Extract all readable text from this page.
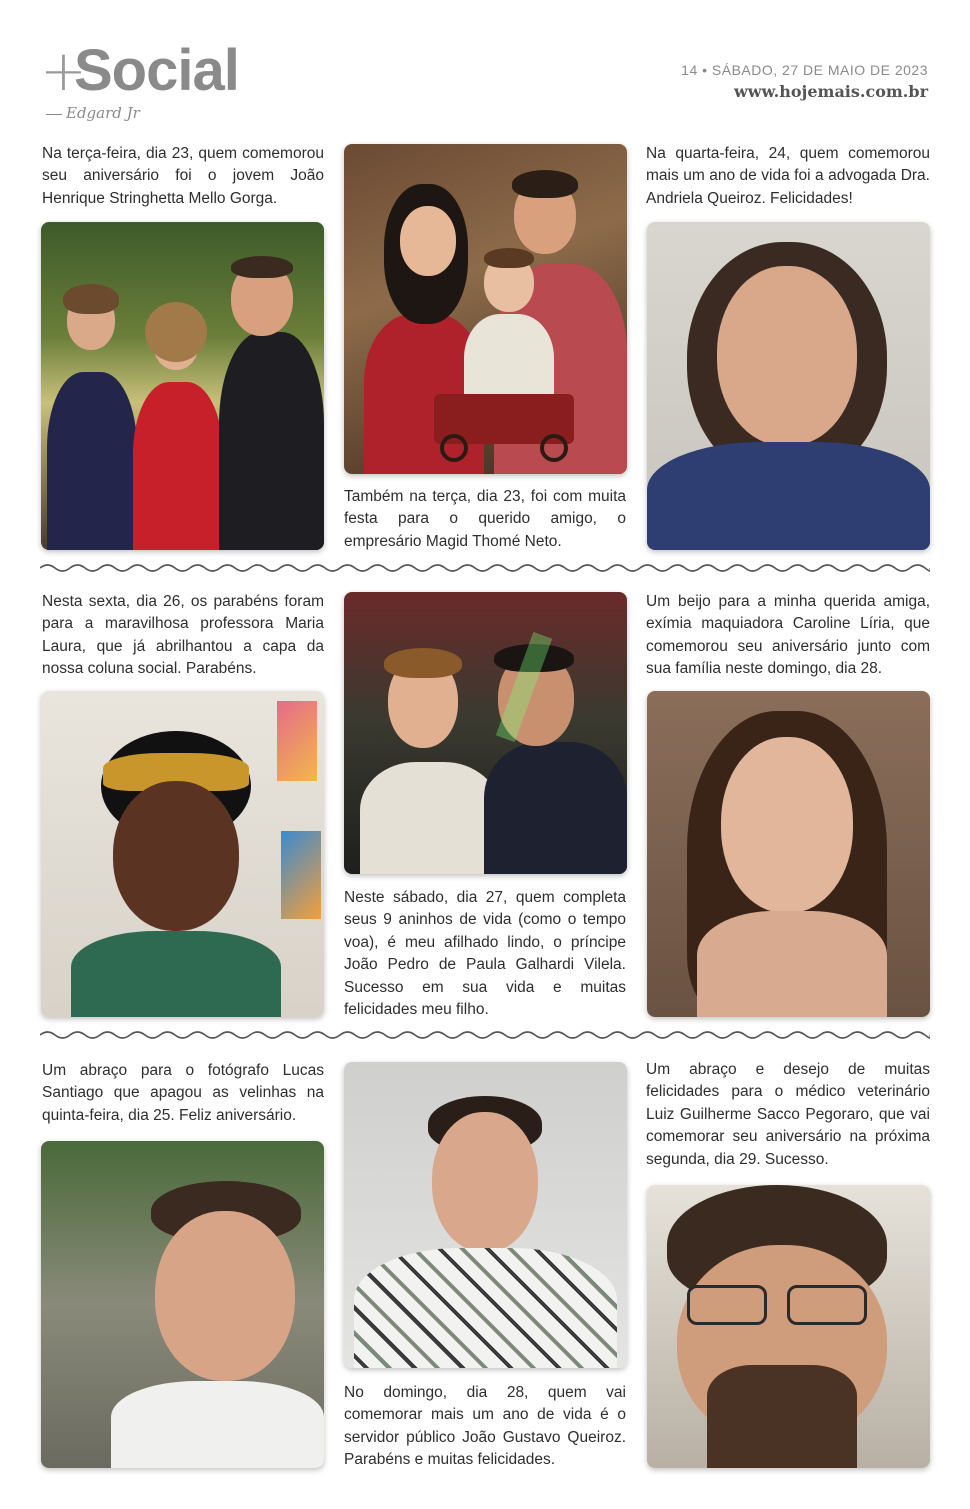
+
Social
Edgard Jr
14 • SÁBADO, 27 DE MAIO DE 2023
www.hojemais.com.br
Na terça-feira, dia 23, quem comemorou seu aniversário foi o jovem João Henrique Stringhetta Mello Gorga.
Também na terça, dia 23, foi com muita festa para o querido amigo, o empresário Magid Thomé Neto.
Na quarta-feira, 24, quem comemorou mais um ano de vida foi a advogada Dra. Andriela Queiroz. Felicidades!
Nesta sexta, dia 26, os parabéns foram para a maravilhosa professora Maria Laura, que já abrilhantou a capa da nossa coluna social. Parabéns.
Neste sábado, dia 27, quem completa seus 9 aninhos de vida (como o tempo voa), é meu afilhado lindo, o príncipe João Pedro de Paula Galhardi Vilela. Sucesso em sua vida e muitas felicidades meu filho.
Um beijo para a minha querida amiga, exímia maquiadora Caroline Líria, que comemorou seu aniversário junto com sua família neste domingo, dia 28.
Um abraço para o fotógrafo Lucas Santiago que apagou as velinhas na quinta-feira, dia 25. Feliz aniversário.
No domingo, dia 28, quem vai comemorar mais um ano de vida é o servidor público João Gustavo Queiroz. Parabéns e muitas felicidades.
Um abraço e desejo de muitas felicidades para o médico veterinário Luiz Guilherme Sacco Pegoraro, que vai comemorar seu aniversário na próxima segunda, dia 29. Sucesso.
